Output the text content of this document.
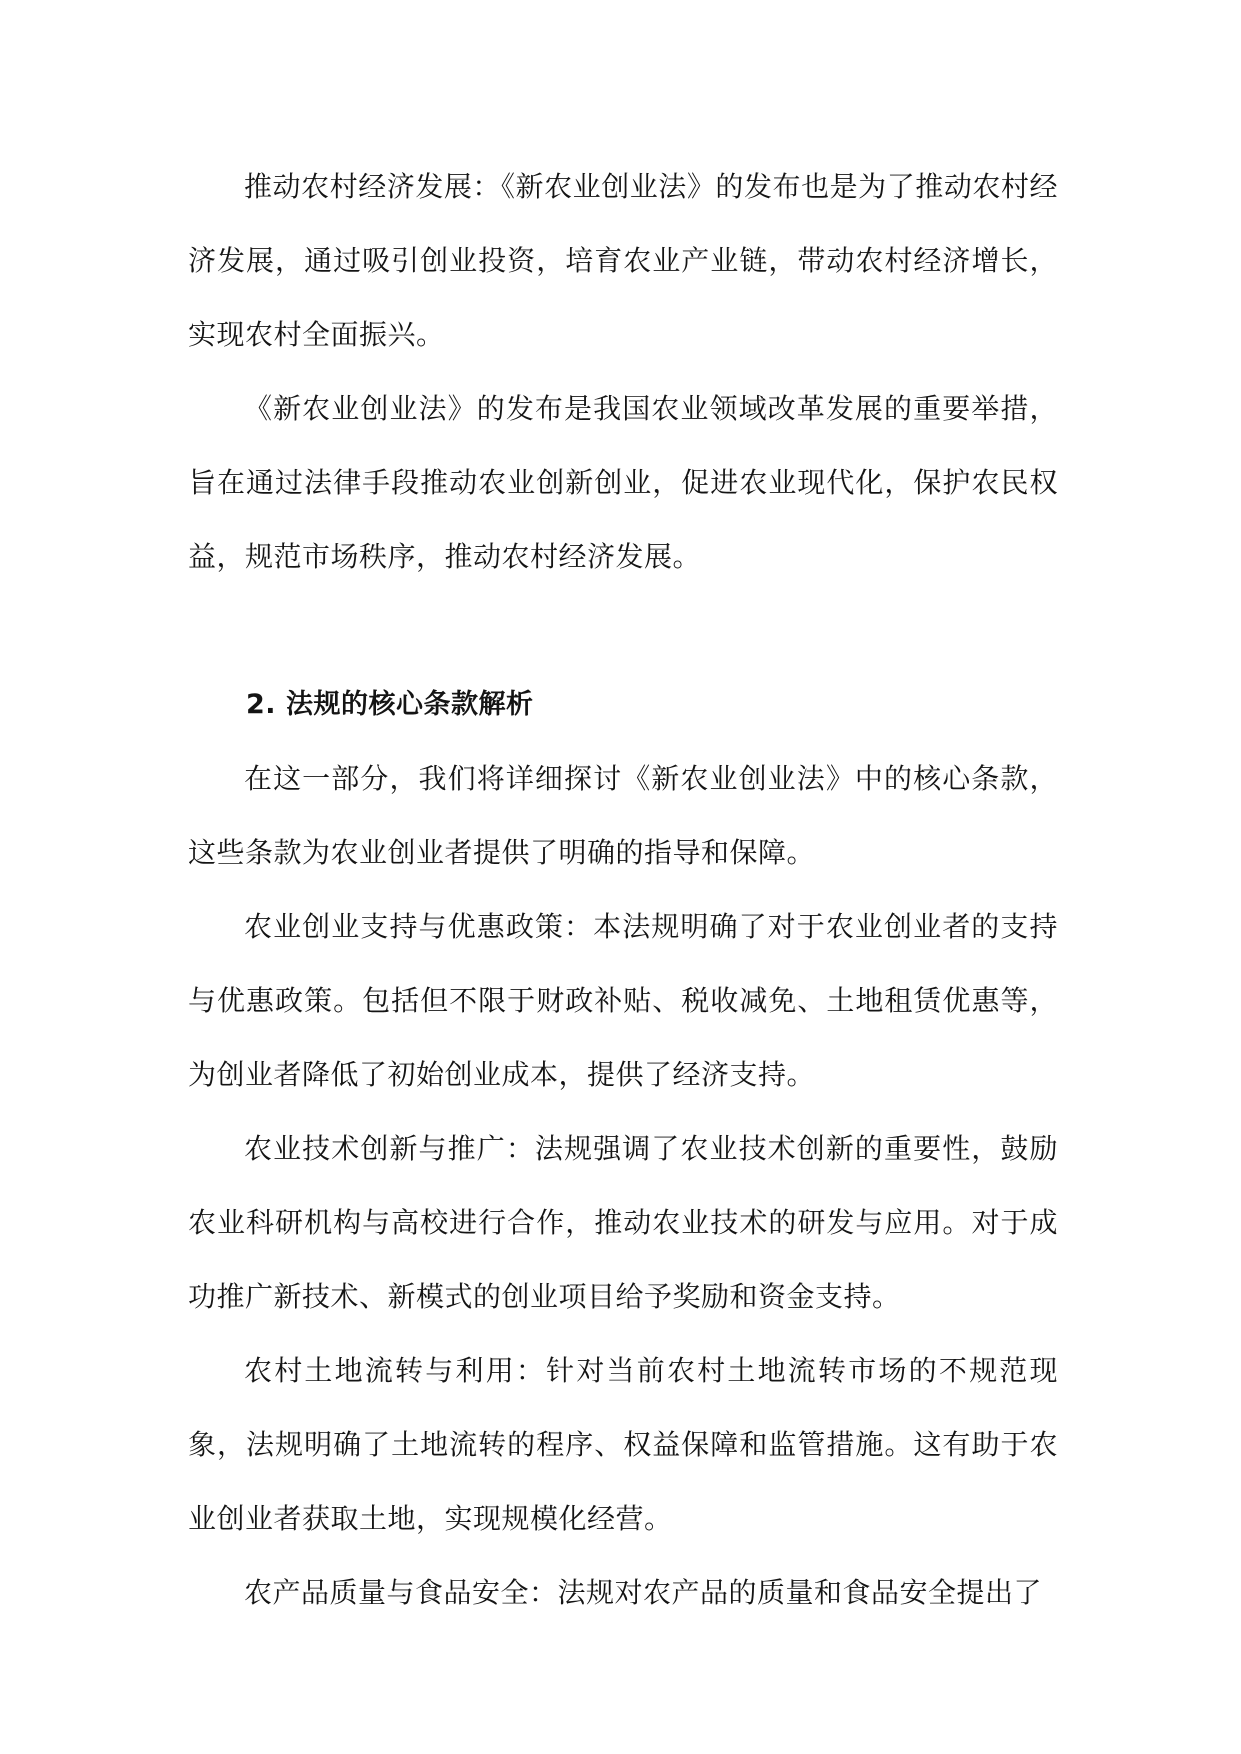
推动农村经济发展：《新农业创业法》的发布也是为了推动农村经济发展，通过吸引创业投资，培育农业产业链，带动农村经济增长，实现农村全面振兴。

《新农业创业法》的发布是我国农业领域改革发展的重要举措，旨在通过法律手段推动农业创新创业，促进农业现代化，保护农民权益，规范市场秩序，推动农村经济发展。

2. 法规的核心条款解析

在这一部分，我们将详细探讨《新农业创业法》中的核心条款，这些条款为农业创业者提供了明确的指导和保障。

农业创业支持与优惠政策：本法规明确了对于农业创业者的支持与优惠政策。包括但不限于财政补贴、税收减免、土地租赁优惠等，为创业者降低了初始创业成本，提供了经济支持。

农业技术创新与推广：法规强调了农业技术创新的重要性，鼓励农业科研机构与高校进行合作，推动农业技术的研发与应用。对于成功推广新技术、新模式的创业项目给予奖励和资金支持。

农村土地流转与利用：针对当前农村土地流转市场的不规范现象，法规明确了土地流转的程序、权益保障和监管措施。这有助于农业创业者获取土地，实现规模化经营。

农产品质量与食品安全：法规对农产品的质量和食品安全提出了
